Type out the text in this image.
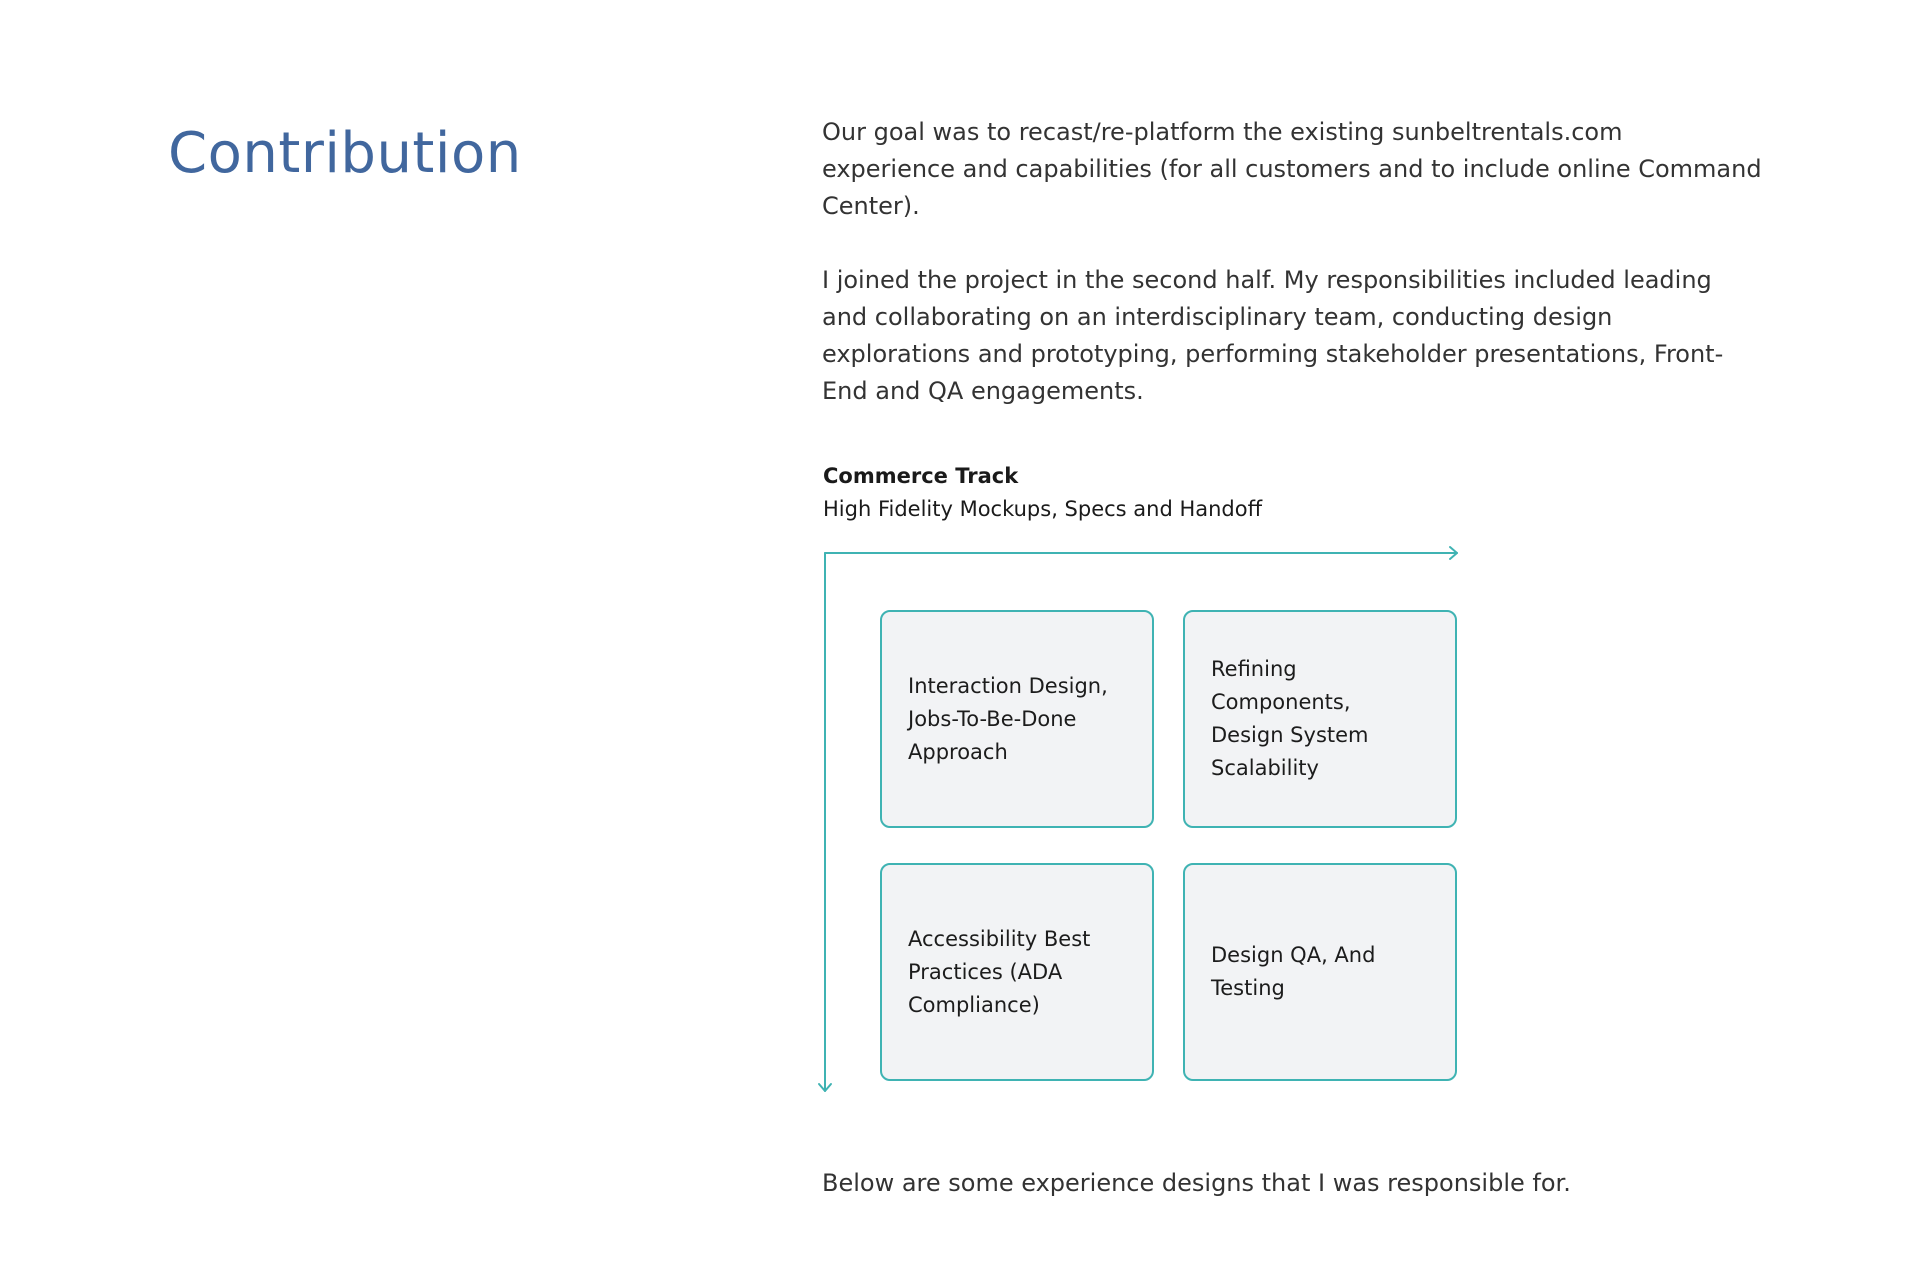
Contribution	Our goal was to recast/re-platform the existing sunbeltrentals.com experience and capabilities (for all customers and to include online Command Center).

I joined the project in the second half. My responsibilities included leading and collaborating on an interdisciplinary team, conducting design explorations and prototyping, performing stakeholder presentations, Front-End and QA engagements.

Commerce Track
High Fidelity Mockups, Specs and Handoff
Interaction Design,
Jobs-To-Be-Done
Approach
Refining
Components,
Design System
Scalability
Accessibility Best
Practices (ADA
Compliance)
Design QA, And
Testing

Below are some experience designs that I was responsible for.
